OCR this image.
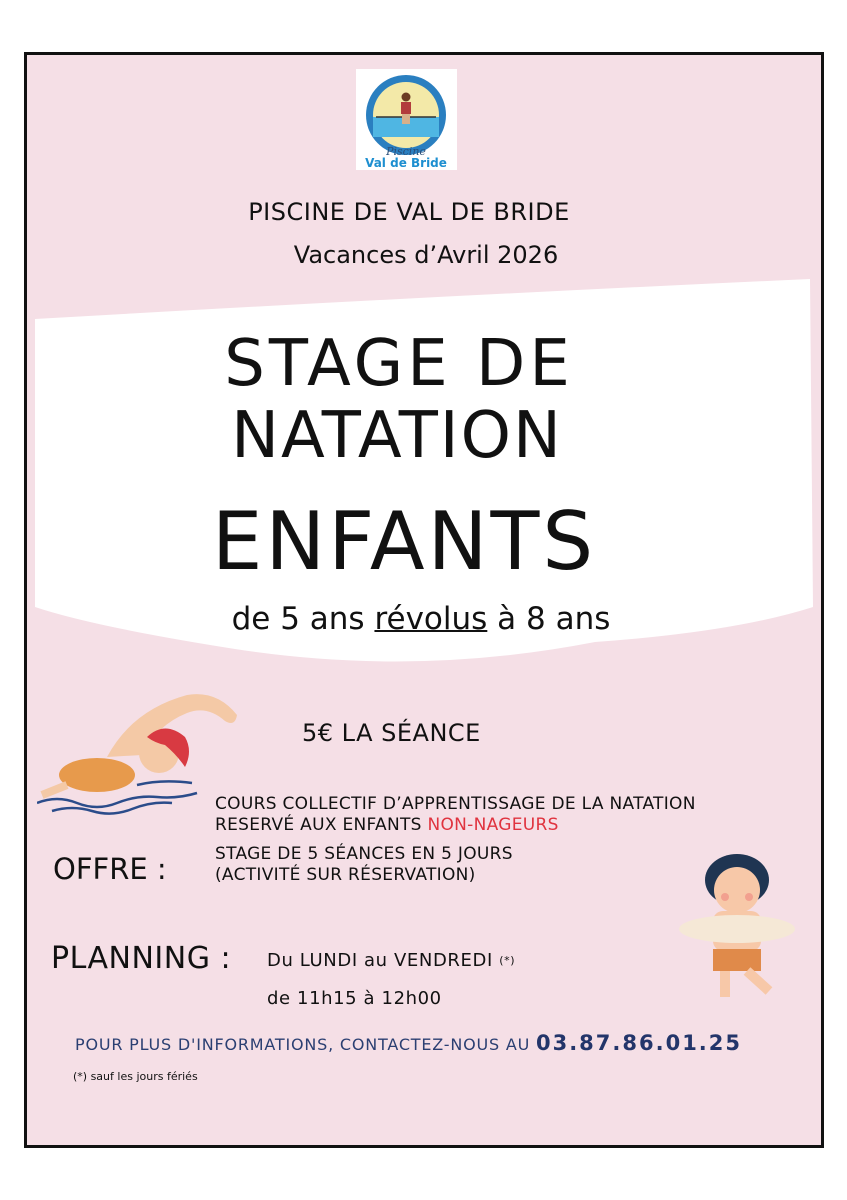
Piscine
Val de Bride
PISCINE DE VAL DE BRIDE
Vacances d’Avril 2026
STAGE DE
NATATION
ENFANTS
de 5 ans révolus à 8 ans
5€ LA SÉANCE
OFFRE :
COURS COLLECTIF D’APPRENTISSAGE DE LA NATATION
RESERVÉ AUX ENFANTS NON-NAGEURS
STAGE DE 5 SÉANCES EN 5 JOURS
(ACTIVITÉ SUR RÉSERVATION)
PLANNING : Du LUNDI au VENDREDI (*)
de 11h15 à 12h00
POUR PLUS D'INFORMATIONS, CONTACTEZ-NOUS AU 03.87.86.01.25
(*) sauf les jours fériés
